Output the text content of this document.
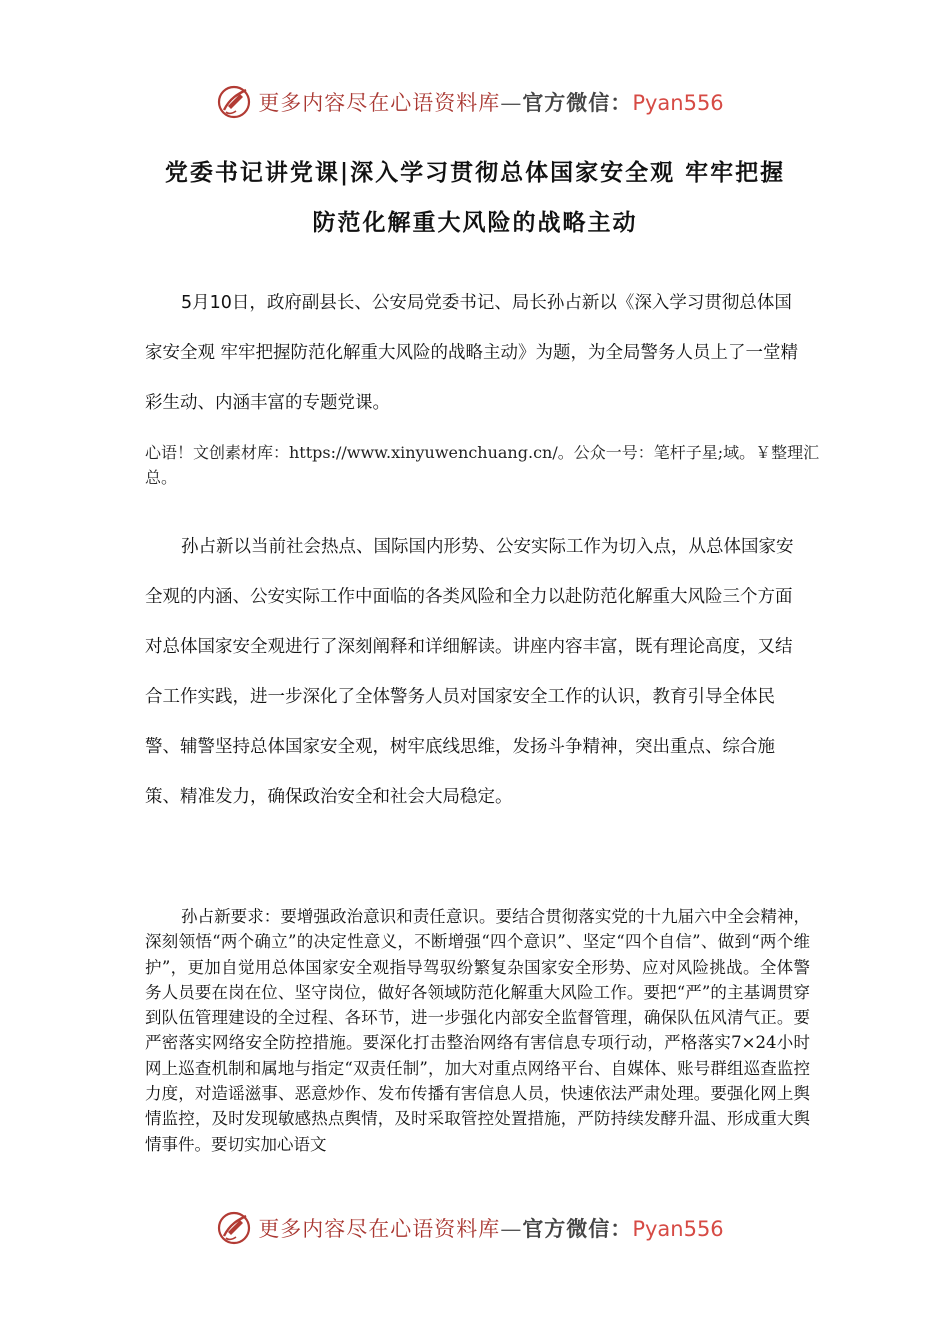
更多内容尽在心语资料库—官方微信：Pyan556
党委书记讲党课|深入学习贯彻总体国家安全观 牢牢把握
防范化解重大风险的战略主动

5月10日，政府副县长、公安局党委书记、局长孙占新以《深入学习贯彻总体国家安全观 牢牢把握防范化解重大风险的战略主动》为题，为全局警务人员上了一堂精彩生动、内涵丰富的专题党课。

心语！文创素材库：https://www.xinyuwenchuang.cn/。公众一号：笔杆子星;域。￥整理汇总。

孙占新以当前社会热点、国际国内形势、公安实际工作为切入点，从总体国家安全观的内涵、公安实际工作中面临的各类风险和全力以赴防范化解重大风险三个方面对总体国家安全观进行了深刻阐释和详细解读。讲座内容丰富，既有理论高度，又结合工作实践，进一步深化了全体警务人员对国家安全工作的认识，教育引导全体民警、辅警坚持总体国家安全观，树牢底线思维，发扬斗争精神，突出重点、综合施策、精准发力，确保政治安全和社会大局稳定。

孙占新要求：要增强政治意识和责任意识。要结合贯彻落实党的十九届六中全会精神，深刻领悟“两个确立”的决定性意义，不断增强“四个意识”、坚定“四个自信”、做到“两个维护”，更加自觉用总体国家安全观指导驾驭纷繁复杂国家安全形势、应对风险挑战。全体警务人员要在岗在位、坚守岗位，做好各领域防范化解重大风险工作。要把“严”的主基调贯穿到队伍管理建设的全过程、各环节，进一步强化内部安全监督管理，确保队伍风清气正。要严密落实网络安全防控措施。要深化打击整治网络有害信息专项行动，严格落实7×24小时网上巡查机制和属地与指定“双责任制”，加大对重点网络平台、自媒体、账号群组巡查监控力度，对造谣滋事、恶意炒作、发布传播有害信息人员，快速依法严肃处理。要强化网上舆情监控，及时发现敏感热点舆情，及时采取管控处置措施，严防持续发酵升温、形成重大舆情事件。要切实加心语文

更多内容尽在心语资料库—官方微信：Pyan556
